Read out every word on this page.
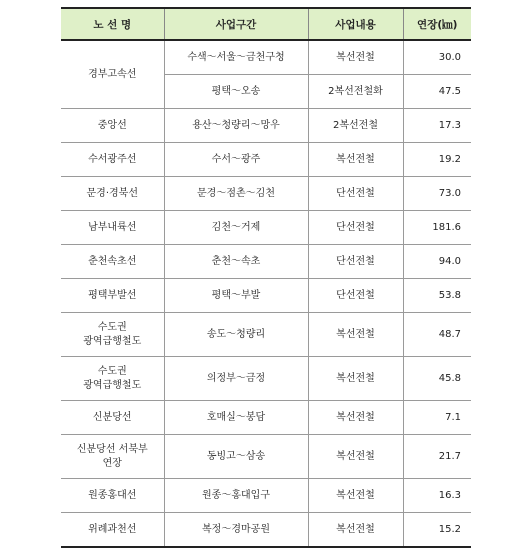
노 선 명	사업구간	사업내용	연장(㎞)
경부고속선	수색～서울～금천구청	복선전철	30.0
	평택～오송	2복선전철화	47.5
중앙선	용산～청량리～망우	2복선전철	17.3
수서광주선	수서～광주	복선전철	19.2
문경·경북선	문경～점촌～김천	단선전철	73.0
남부내륙선	김천～거제	단선전철	181.6
춘천속초선	춘천～속초	단선전철	94.0
평택부발선	평택～부발	단선전철	53.8

수도권
광역급행철도	송도～청량리	복선전철	48.7

수도권
광역급행철도	의정부～금정	복선전철	45.8
신분당선	호매실～봉담	복선전철	7.1

신분당선 서북부
연장	동빙고～삼송	복선전철	21.7
원종홍대선	원종～홍대입구	복선전철	16.3
위례과천선	복정～경마공원	복선전철	15.2
